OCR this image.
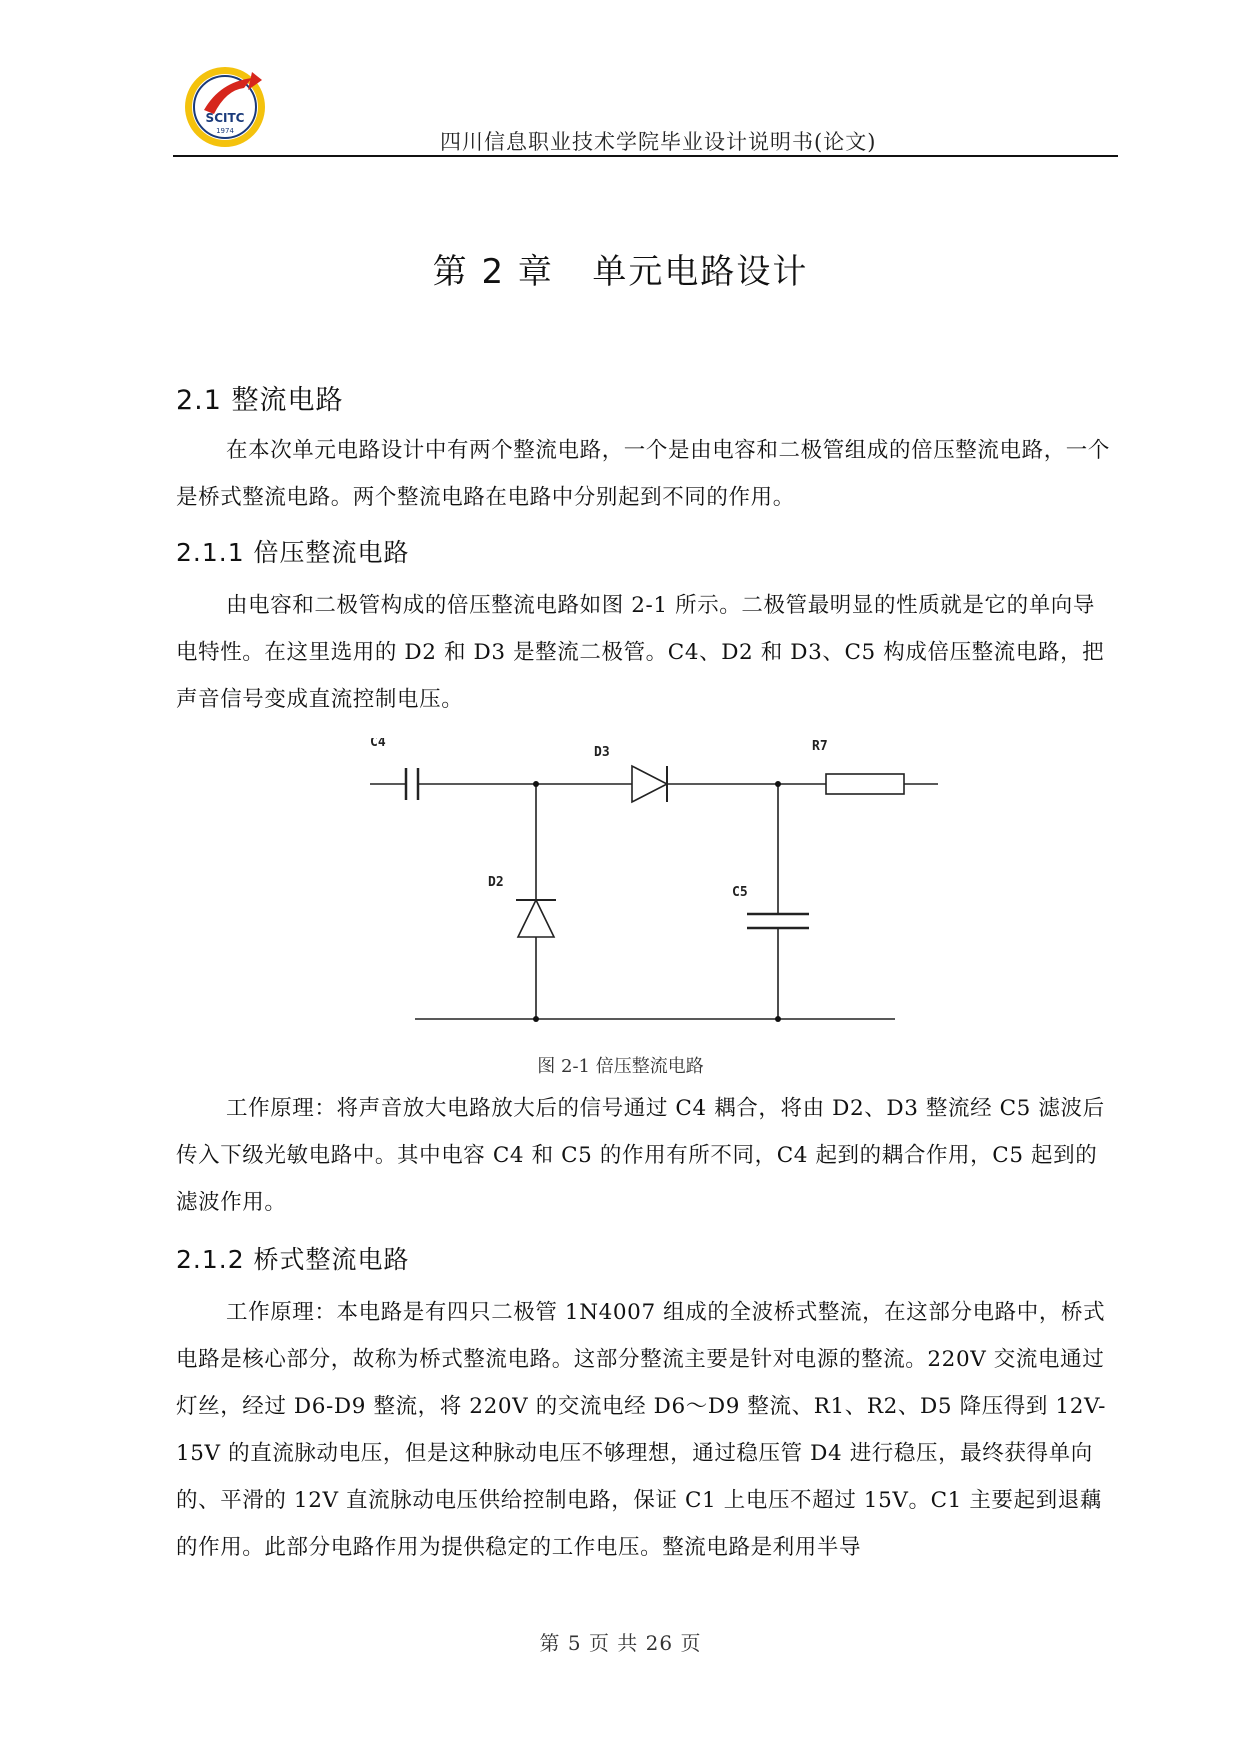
SCITC
1974	四川信息职业技术学院毕业设计说明书(论文)
第 2 章   单元电路设计
2.1 整流电路

在本次单元电路设计中有两个整流电路，一个是由电容和二极管组成的倍压整流电路，一个是桥式整流电路。两个整流电路在电路中分别起到不同的作用。

2.1.1 倍压整流电路

由电容和二极管构成的倍压整流电路如图 2-1 所示。二极管最明显的性质就是它的单向导电特性。在这里选用的 D2 和 D3 是整流二极管。C4、D2 和 D3、C5 构成倍压整流电路，把声音信号变成直流控制电压。

C4
D3	R7
D2
C5
图 2-1 倍压整流电路

工作原理：将声音放大电路放大后的信号通过 C4 耦合，将由 D2、D3 整流经 C5 滤波后传入下级光敏电路中。其中电容 C4 和 C5 的作用有所不同，C4 起到的耦合作用，C5 起到的滤波作用。

2.1.2 桥式整流电路

工作原理：本电路是有四只二极管 1N4007 组成的全波桥式整流，在这部分电路中，桥式电路是核心部分，故称为桥式整流电路。这部分整流主要是针对电源的整流。220V 交流电通过灯丝，经过 D6-D9 整流，将 220V 的交流电经 D6～D9 整流、R1、R2、D5 降压得到 12V-15V 的直流脉动电压，但是这种脉动电压不够理想，通过稳压管 D4 进行稳压，最终获得单向的、平滑的 12V 直流脉动电压供给控制电路，保证 C1 上电压不超过 15V。C1 主要起到退藕的作用。此部分电路作用为提供稳定的工作电压。整流电路是利用半导

第 5 页 共 26 页
